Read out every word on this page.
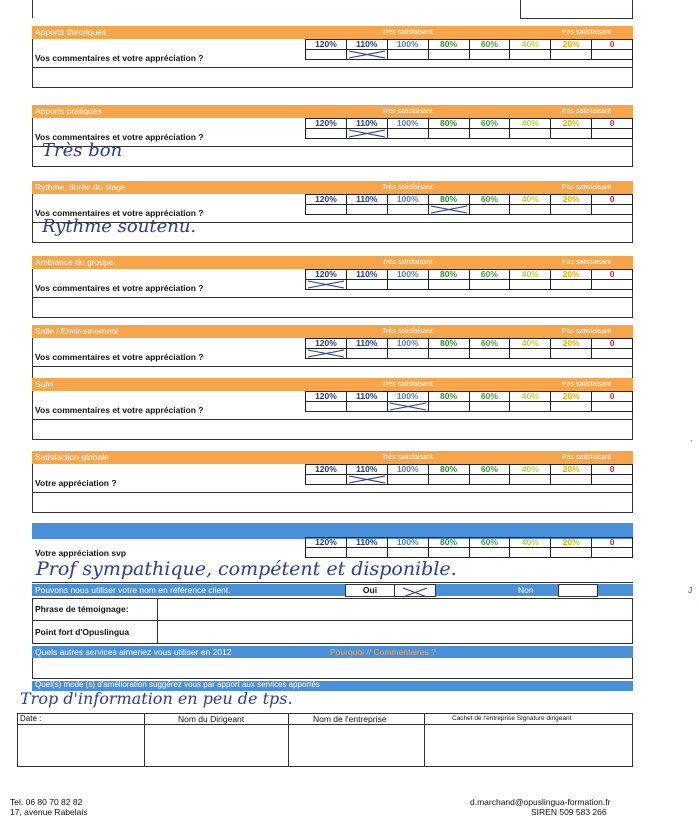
Apports théoriques	Très satisfaisant	Pas satisfaisant
Vos commentaires et votre appréciation ?
120%	110%	100%	80%	60%	40%	20%	0

Apports pratiques	Très satisfaisant	Pas satisfaisant
Vos commentaires et votre appréciation ?
120%	110%	100%	80%	60%	40%	20%	0

Très bon
Rythme, durée du stage	Très satisfaisant	Pas satisfaisant
Vos commentaires et votre appréciation ?
120%	110%	100%	80%	60%	40%	20%	0

Rythme soutenu.
Ambiance du groupe	Très satisfaisant	Pas satisfaisant
Vos commentaires et votre appréciation ?
120%	110%	100%	80%	60%	40%	20%	0

Salle / Environnement	Très satisfaisant	Pas satisfaisant
Vos commentaires et votre appréciation ?
120%	110%	100%	80%	60%	40%	20%	0

Suivi	Très satisfaisant	Pas satisfaisant
Vos commentaires et votre appréciation ?
120%	110%	100%	80%	60%	40%	20%	0

Satisfaction globale	Très satisfaisant	Pas satisfaisant
Votre appréciation ?
120%	110%	100%	80%	60%	40%	20%	0

Recommanderiez vous Opuslingua?
Votre appréciation svp
120%	110%	100%	80%	60%	40%	20%	0

Prof sympathique, compétent et disponible.
Pouvons nous utiliser votre nom en référence client.	Oui	Non
Phrase de témoignage:
Point fort d'Opuslingua
Quels autres services aimeriez vous utiliser en 2012	Pourquoi // Commentaires ?
Quel(s) mode (s) d'amélioration suggérez vous par apport aux services apportés
Trop d'information en peu de tps.
Date :	Nom du Dirigeant	Nom de l'entreprise	Cachet de l'entreprise Signature dirigeant
Tel. 06 80 70 82 82
17, avenue Rabelais
d.marchand@opuslingua-formation.fr
SIREN 509 583 266
,
J
